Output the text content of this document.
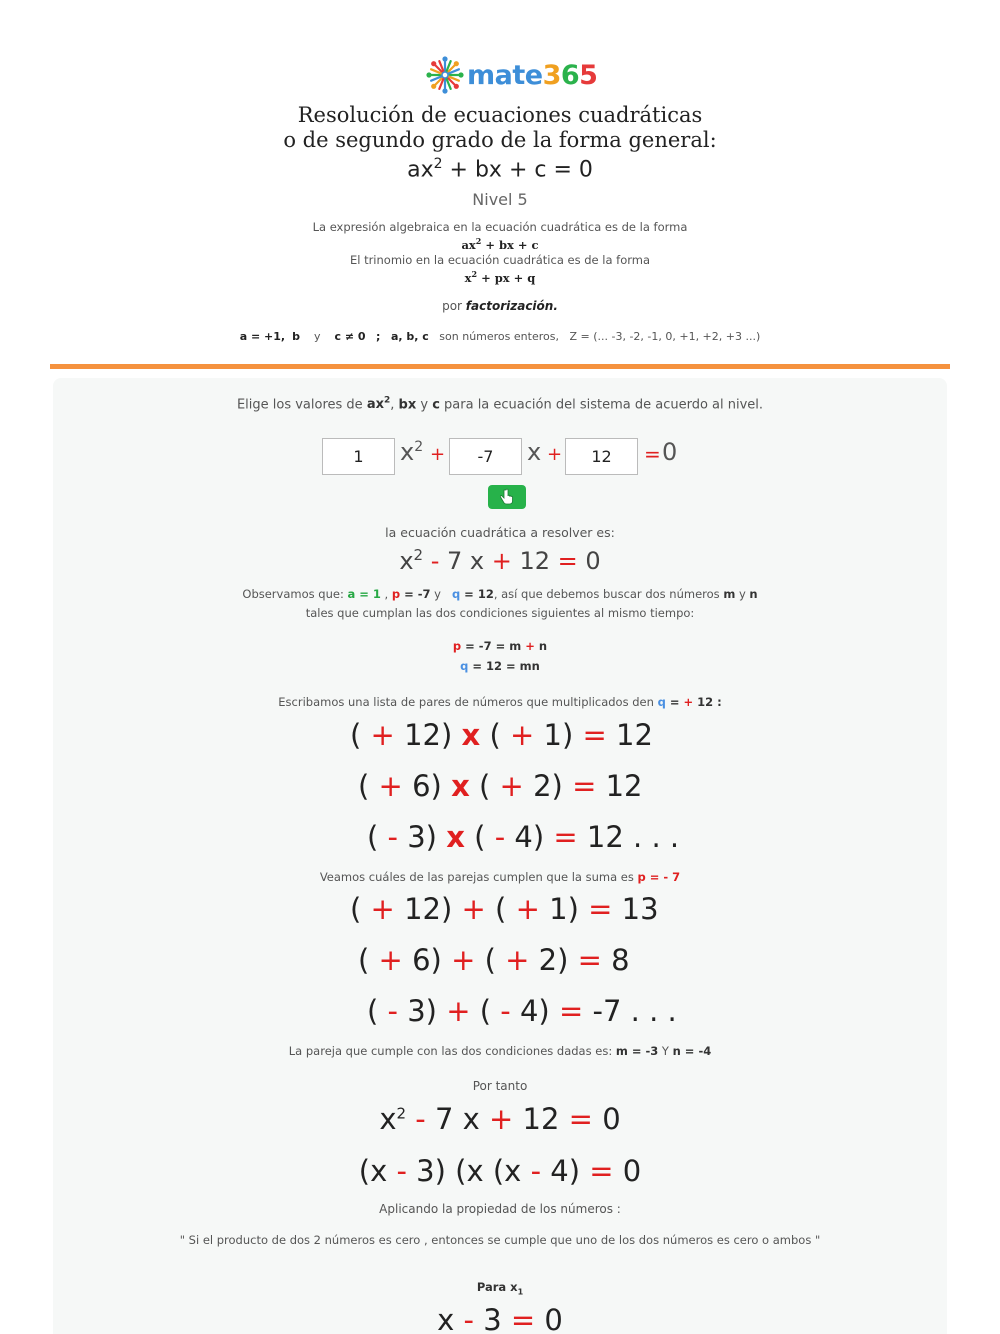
mate365
Resolución de ecuaciones cuadráticas
o de segundo grado de la forma general:
$ax^2$ + bx + c = 0
Nivel 5
La expresión algebraica en la ecuación cuadrática es de la forma
$ax^2$ + bx + c
El trinomio en la ecuación cuadrática es de la forma
$x^2$ + px + q
por factorización.
a = +1, b y c ≠ 0 ; a, b, c son números enteros, Z = (... -3, -2, -1, 0, +1, +2, +3 ...)
Elige los valores de $ax^2$, bx y c para la ecuación del sistema de acuerdo al nivel.
1
$x^2$ +
-7	x +
12	= 0
la ecuación cuadrática a resolver es:
$x^2 - 7$ x + 12 = 0
Observamos que: a = 1 , p = -7 y   q = 12, así que debemos buscar dos números m y n
tales que cumplan las dos condiciones siguientes al mismo tiempo:
p = -7 = m + n
q = 12 = mn
Escribamos una lista de pares de números que multiplicados den q = + 12 :
( + 12) x ( + 1) = 12
( + 6) x ( + 2) = 12
( - 3) x ( - 4) = 12 . . .
Veamos cuáles de las parejas cumplen que la suma es p = - 7
( + 12) + ( + 1) = 13
( + 6) + ( + 2) = 8
( - 3) + ( - 4) = -7 . . .
La pareja que cumple con las dos condiciones dadas es: m = -3 Y n = -4
Por tanto
$x^2 - 7$ x + 12 = 0
(x - 3) (x (x - 4) = 0
Aplicando la propiedad de los números :
" Si el producto de dos 2 números es cero , entonces se cumple que uno de los dos números es cero o ambos "
Para $x_1$
x - 3 = 0
